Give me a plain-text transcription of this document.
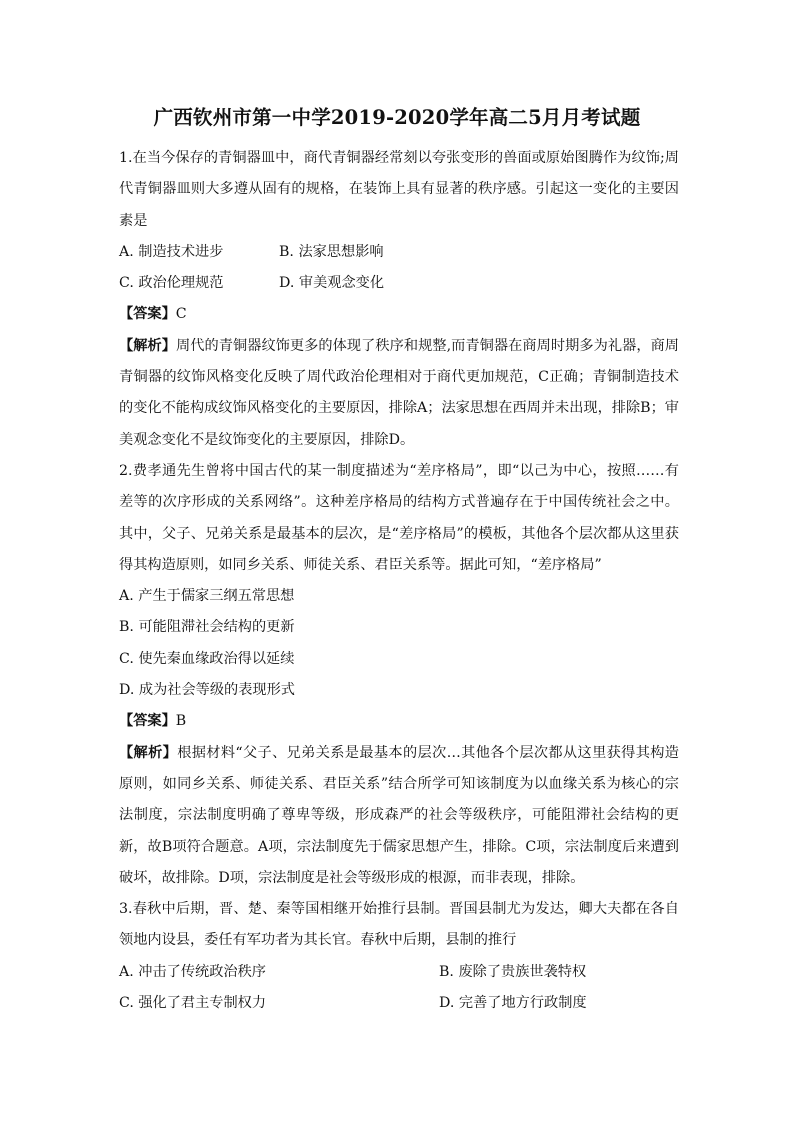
广西钦州市第一中学2019-2020学年高二5月月考试题

1.在当今保存的青铜器皿中，商代青铜器经常刻以夸张变形的兽面或原始图腾作为纹饰;周代青铜器皿则大多遵从固有的规格，在装饰上具有显著的秩序感。引起这一变化的主要因素是

A. 制造技术进步	B. 法家思想影响
C. 政治伦理规范	D. 审美观念变化

【答案】C

【解析】周代的青铜器纹饰更多的体现了秩序和规整,而青铜器在商周时期多为礼器，商周青铜器的纹饰风格变化反映了周代政治伦理相对于商代更加规范，C正确；青铜制造技术的变化不能构成纹饰风格变化的主要原因，排除A；法家思想在西周并未出现，排除B；审美观念变化不是纹饰变化的主要原因，排除D。

2.费孝通先生曾将中国古代的某一制度描述为“差序格局”，即“以己为中心，按照……有差等的次序形成的关系网络”。这种差序格局的结构方式普遍存在于中国传统社会之中。其中，父子、兄弟关系是最基本的层次，是“差序格局”的模板，其他各个层次都从这里获得其构造原则，如同乡关系、师徒关系、君臣关系等。据此可知，“差序格局”

A. 产生于儒家三纲五常思想

B. 可能阻滞社会结构的更新

C. 使先秦血缘政治得以延续

D. 成为社会等级的表现形式

【答案】B

【解析】根据材料“父子、兄弟关系是最基本的层次…其他各个层次都从这里获得其构造原则，如同乡关系、师徒关系、君臣关系”结合所学可知该制度为以血缘关系为核心的宗法制度，宗法制度明确了尊卑等级，形成森严的社会等级秩序，可能阻滞社会结构的更新，故B项符合题意。A项，宗法制度先于儒家思想产生，排除。C项，宗法制度后来遭到破坏，故排除。D项，宗法制度是社会等级形成的根源，而非表现，排除。

3.春秋中后期，晋、楚、秦等国相继开始推行县制。晋国县制尤为发达，卿大夫都在各自领地内设县，委任有军功者为其长官。春秋中后期，县制的推行

A. 冲击了传统政治秩序	B. 废除了贵族世袭特权
C. 强化了君主专制权力	D. 完善了地方行政制度
